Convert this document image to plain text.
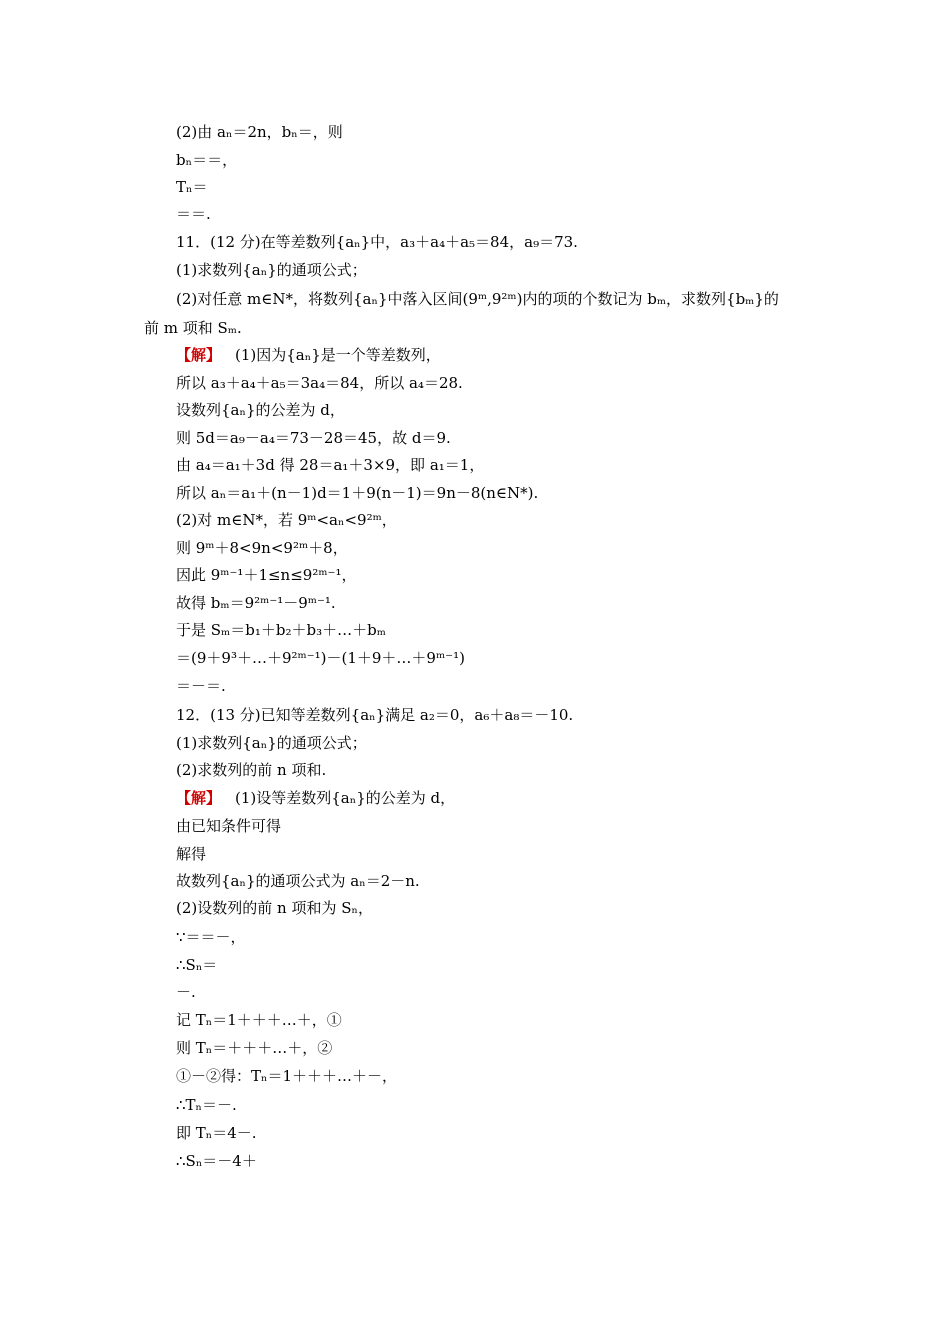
(2)由 aₙ＝2n，bₙ＝，则
bₙ＝＝，
Tₙ＝
＝＝.
11．(12 分)在等差数列{aₙ}中，a₃＋a₄＋a₅＝84，a₉＝73.
(1)求数列{aₙ}的通项公式；
(2)对任意 m∈N*，将数列{aₙ}中落入区间(9ᵐ,9²ᵐ)内的项的个数记为 bₘ，求数列{bₘ}的
前 m 项和 Sₘ.
【解】 (1)因为{aₙ}是一个等差数列，
所以 a₃＋a₄＋a₅＝3a₄＝84，所以 a₄＝28.
设数列{aₙ}的公差为 d，
则 5d＝a₉－a₄＝73－28＝45，故 d＝9.
由 a₄＝a₁＋3d 得 28＝a₁＋3×9，即 a₁＝1，
所以 aₙ＝a₁＋(n－1)d＝1＋9(n－1)＝9n－8(n∈N*).
(2)对 m∈N*，若 9ᵐ<aₙ<9²ᵐ，
则 9ᵐ＋8<9n<9²ᵐ＋8，
因此 9ᵐ⁻¹＋1≤n≤9²ᵐ⁻¹，
故得 bₘ＝9²ᵐ⁻¹－9ᵐ⁻¹.
于是 Sₘ＝b₁＋b₂＋b₃＋…＋bₘ
＝(9＋9³＋…＋9²ᵐ⁻¹)－(1＋9＋…＋9ᵐ⁻¹)
＝－＝.
12．(13 分)已知等差数列{aₙ}满足 a₂＝0，a₆＋a₈＝－10.
(1)求数列{aₙ}的通项公式；
(2)求数列的前 n 项和.
【解】 (1)设等差数列{aₙ}的公差为 d，
由已知条件可得
解得
故数列{aₙ}的通项公式为 aₙ＝2－n.
(2)设数列的前 n 项和为 Sₙ，
∵＝＝－，
∴Sₙ＝
－.
记 Tₙ＝1＋＋＋…＋，①
则 Tₙ＝＋＋＋…＋，②
①－②得：Tₙ＝1＋＋＋…＋－，
∴Tₙ＝－.
即 Tₙ＝4－.
∴Sₙ＝－4＋
